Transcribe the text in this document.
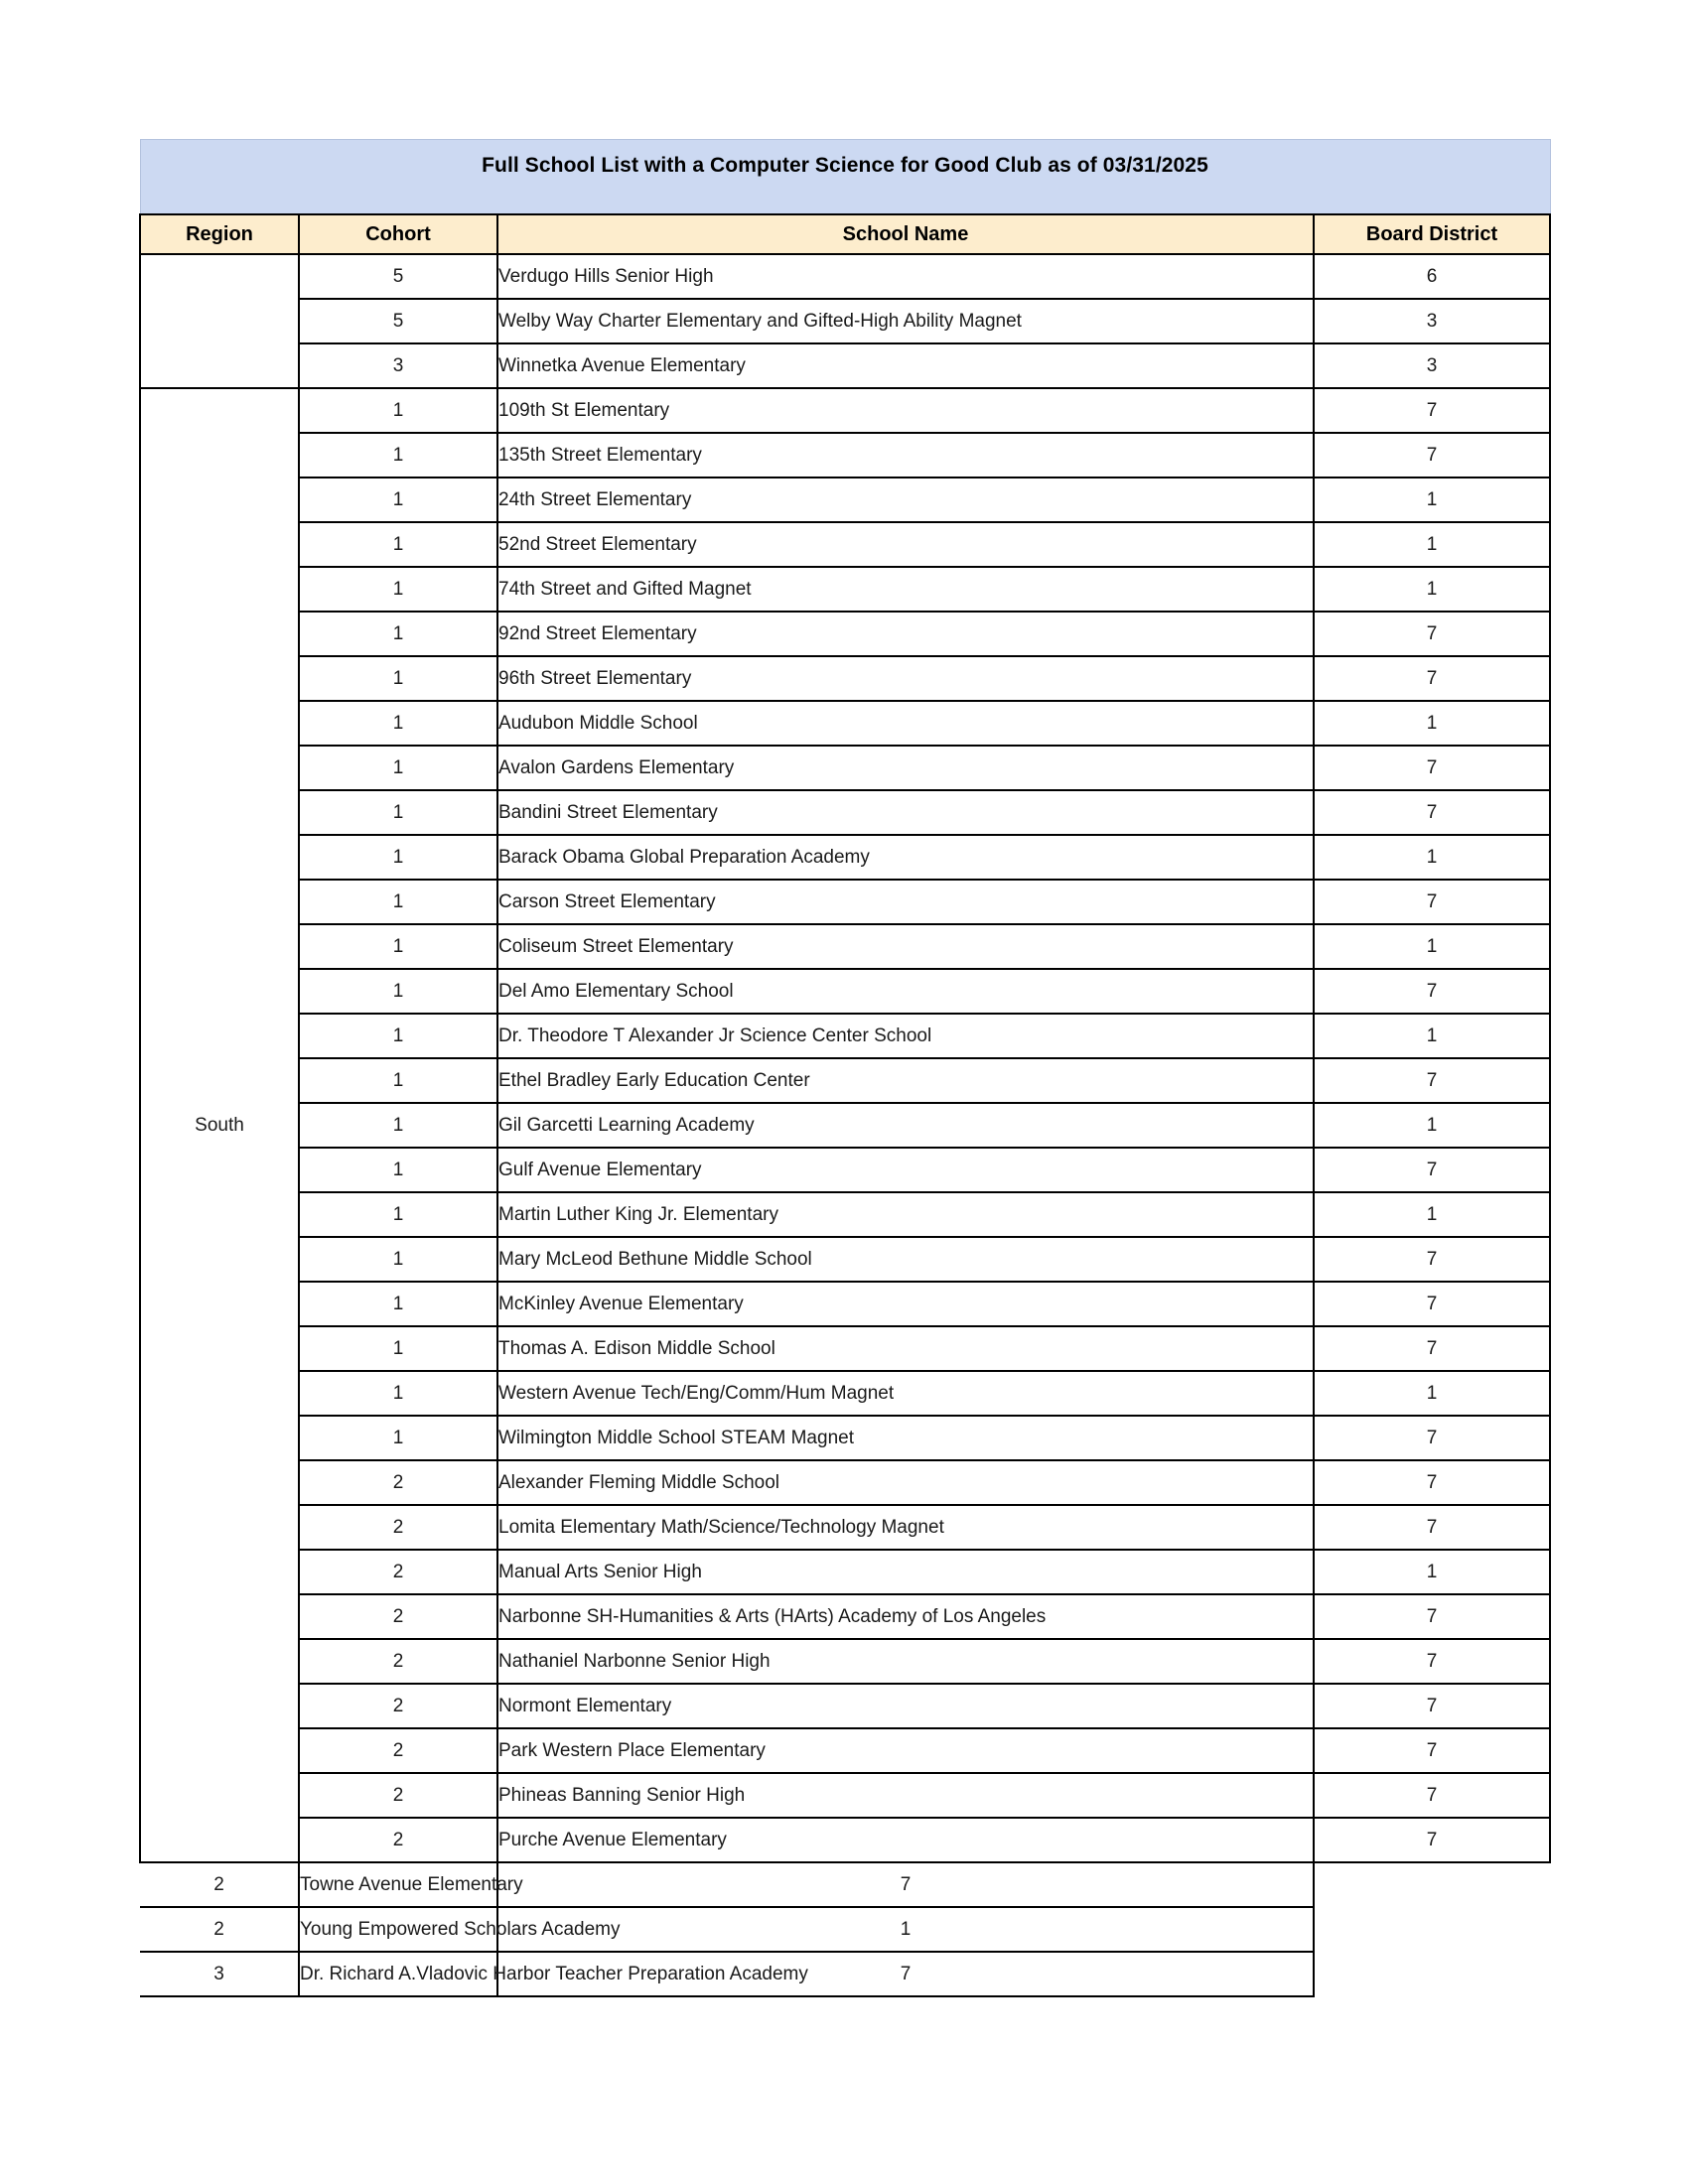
Full School List with a Computer Science for Good Club as of 03/31/2025			
Region	Cohort	School Name	Board District
	5	Verdugo Hills Senior High	6
	5	Welby Way Charter Elementary and Gifted-High Ability Magnet	3
	3	Winnetka Avenue Elementary	3
South	1	109th St Elementary	7
	1	135th Street Elementary	7
	1	24th Street Elementary	1
	1	52nd Street Elementary	1
	1	74th Street and Gifted Magnet	1
	1	92nd Street Elementary	7
	1	96th Street Elementary	7
	1	Audubon Middle School	1
	1	Avalon Gardens Elementary	7
	1	Bandini Street Elementary	7
	1	Barack Obama Global Preparation Academy	1
	1	Carson Street Elementary	7
	1	Coliseum Street Elementary	1
	1	Del Amo Elementary School	7
	1	Dr. Theodore T Alexander Jr Science Center School	1
	1	Ethel Bradley Early Education Center	7
	1	Gil Garcetti Learning Academy	1
	1	Gulf Avenue Elementary	7
	1	Martin Luther King Jr. Elementary	1
	1	Mary McLeod Bethune Middle School	7
	1	McKinley Avenue Elementary	7
	1	Thomas A. Edison Middle School	7
	1	Western Avenue Tech/Eng/Comm/Hum Magnet	1
	1	Wilmington Middle School STEAM Magnet	7
	2	Alexander Fleming Middle School	7
	2	Lomita Elementary Math/Science/Technology Magnet	7
	2	Manual Arts Senior High	1
	2	Narbonne SH-Humanities & Arts (HArts) Academy of Los Angeles	7
	2	Nathaniel Narbonne Senior High	7
	2	Normont Elementary	7
	2	Park Western Place Elementary	7
	2	Phineas Banning Senior High	7
	2	Purche Avenue Elementary	7
2	Towne Avenue Elementary	7	
2	Young Empowered Scholars Academy	1	
3	Dr. Richard A.Vladovic Harbor Teacher Preparation Academy	7	
